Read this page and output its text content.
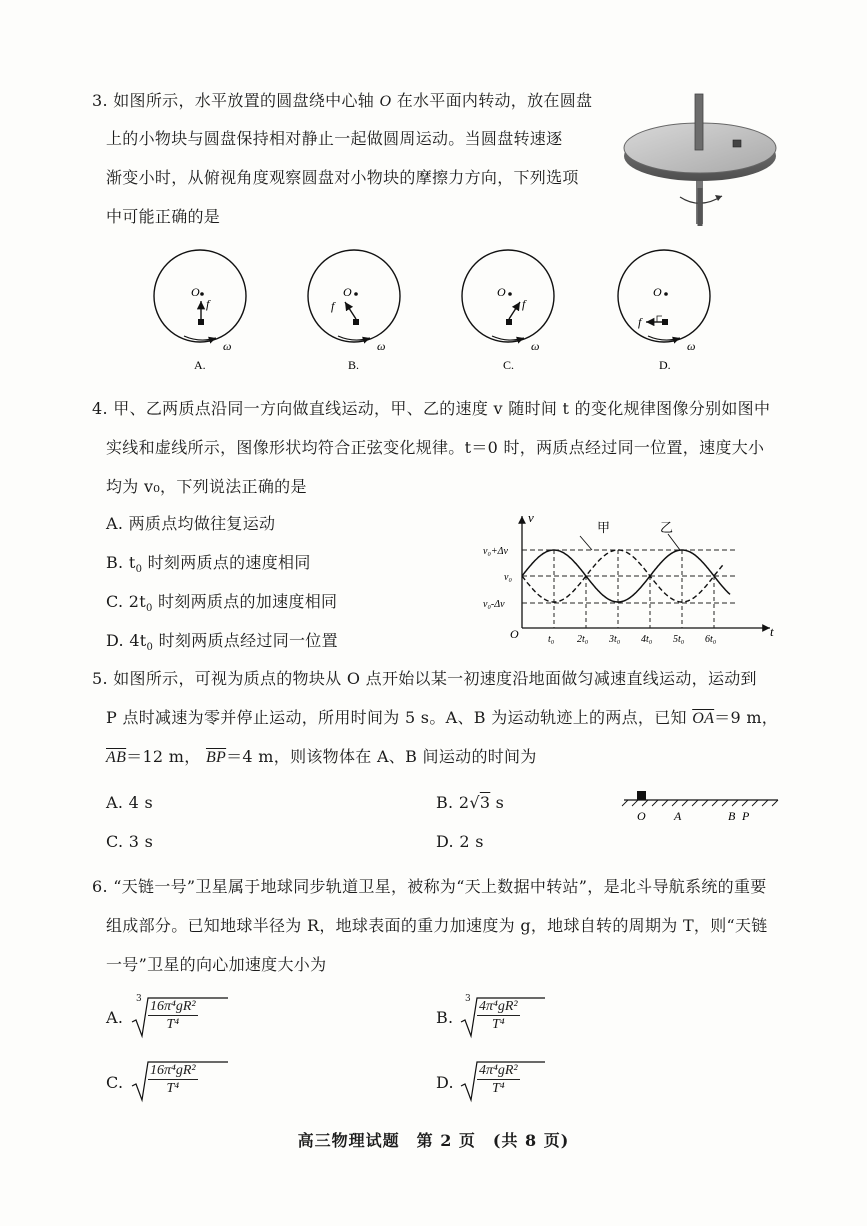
3. 如图所示，水平放置的圆盘绕中心轴 O 在水平面内转动，放在圆盘
上的小物块与圆盘保持相对静止一起做圆周运动。当圆盘转速逐
渐变小时，从俯视角度观察圆盘对小物块的摩擦力方向，下列选项
中可能正确的是
O
f
ω
O
f
ω
O
f
ω
O
f
ω
A.	B.	C.	D.
4. 甲、乙两质点沿同一方向做直线运动，甲、乙的速度 v 随时间 t 的变化规律图像分别如图中
实线和虚线所示，图像形状均符合正弦变化规律。t＝0 时，两质点经过同一位置，速度大小
均为 v₀，下列说法正确的是
A. 两质点均做往复运动
B. $t_0$ 时刻两质点的速度相同
C. $2t_0$ 时刻两质点的加速度相同
D. $4t_0$ 时刻两质点经过同一位置
甲	乙
v
t
O
v₀+Δv
v₀
v₀-Δv
t₀ 2t₀ 3t₀ 4t₀ 5t₀ 6t₀
5. 如图所示，可视为质点的物块从 O 点开始以某一初速度沿地面做匀减速直线运动，运动到
P 点时减速为零并停止运动，所用时间为 5 s。A、B 为运动轨迹上的两点，已知 $\overline{OA}=9$ m，
$\overline{AB}=12$ m， $\overline{BP}=4$ m，则该物体在 A、B 间运动的时间为
A. 4 s	B. 2√3 s
C. 3 s	D. 2 s
O A	B P
6. “天链一号”卫星属于地球同步轨道卫星，被称为“天上数据中转站”，是北斗导航系统的重要
组成部分。已知地球半径为 R，地球表面的重力加速度为 g，地球自转的周期为 T，则“天链
一号”卫星的向心加速度大小为
A.
$3 \frac{\text{16π⁴gR²}}{\text{T⁴}}$	B.
$3 \frac{\text{4π⁴gR²}}{\text{T⁴}}$
C. $\frac{\text{16π⁴gR²}}{\text{T⁴}}$	D. $\frac{\text{4π⁴gR²}}{\text{T⁴}}$
高三物理试题　第 2 页　(共 8 页)
